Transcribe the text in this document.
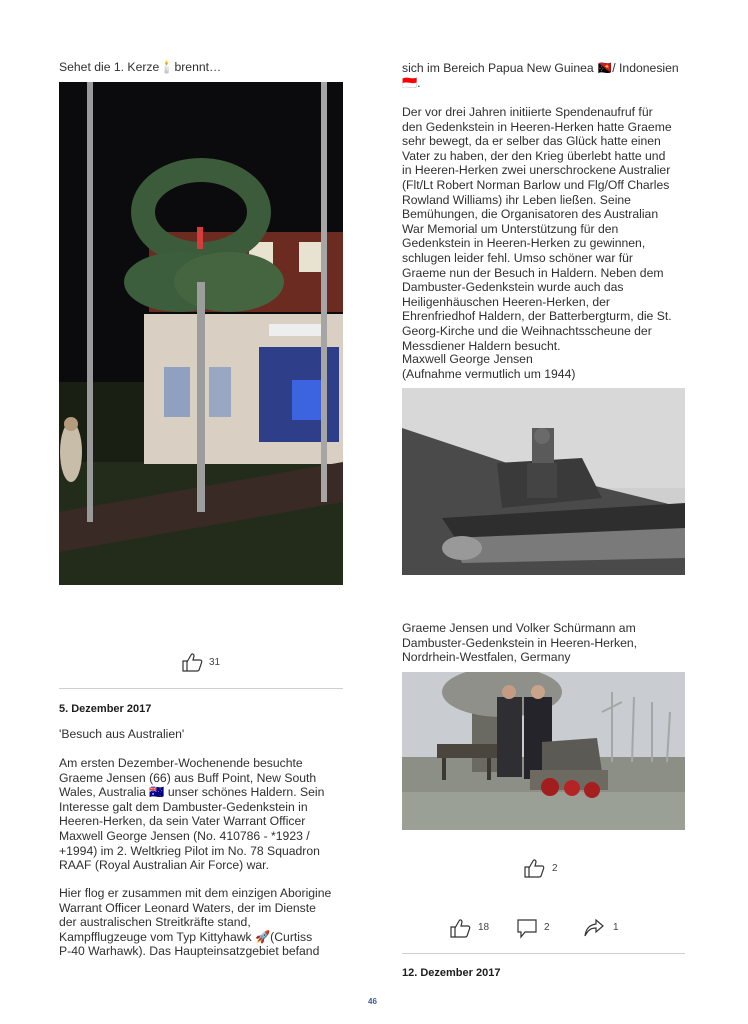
Sehet die 1. Kerze🕯️brennt…
31
5. Dezember 2017
'Besuch aus Australien'
Am ersten Dezember-Wochenende besuchte
Graeme Jensen (66) aus Buff Point, New South
Wales, Australia 🇦🇺 unser schönes Haldern. Sein
Interesse galt dem Dambuster-Gedenkstein in
Heeren-Herken, da sein Vater Warrant Officer
Maxwell George Jensen (No. 410786 - *1923 /
+1994) im 2. Weltkrieg Pilot im No. 78 Squadron
RAAF (Royal Australian Air Force) war.
Hier flog er zusammen mit dem einzigen Aborigine
Warrant Officer Leonard Waters, der im Dienste
der australischen Streitkräfte stand,
Kampfflugzeuge vom Typ Kittyhawk 🚀(Curtiss
P-40 Warhawk). Das Haupteinsatzgebiet befand
sich im Bereich Papua New Guinea 🇵🇬/ Indonesien
🇮🇩.
Der vor drei Jahren initiierte Spendenaufruf für
den Gedenkstein in Heeren-Herken hatte Graeme
sehr bewegt, da er selber das Glück hatte einen
Vater zu haben, der den Krieg überlebt hatte und
in Heeren-Herken zwei unerschrockene Australier
(Flt/Lt Robert Norman Barlow und Flg/Off Charles
Rowland Williams) ihr Leben ließen. Seine
Bemühungen, die Organisatoren des Australian
War Memorial um Unterstützung für den
Gedenkstein in Heeren-Herken zu gewinnen,
schlugen leider fehl. Umso schöner war für
Graeme nun der Besuch in Haldern. Neben dem
Dambuster-Gedenkstein wurde auch das
Heiligenhäuschen Heeren-Herken, der
Ehrenfriedhof Haldern, der Batterbergturm, die St.
Georg-Kirche und die Weihnachtsscheune der
Messdiener Haldern besucht.
Maxwell George Jensen
(Aufnahme vermutlich um 1944)
Graeme Jensen und Volker Schürmann am
Dambuster-Gedenkstein in Heeren-Herken,
Nordrhein-Westfalen, Germany
2
18	2	1
12. Dezember 2017
46
